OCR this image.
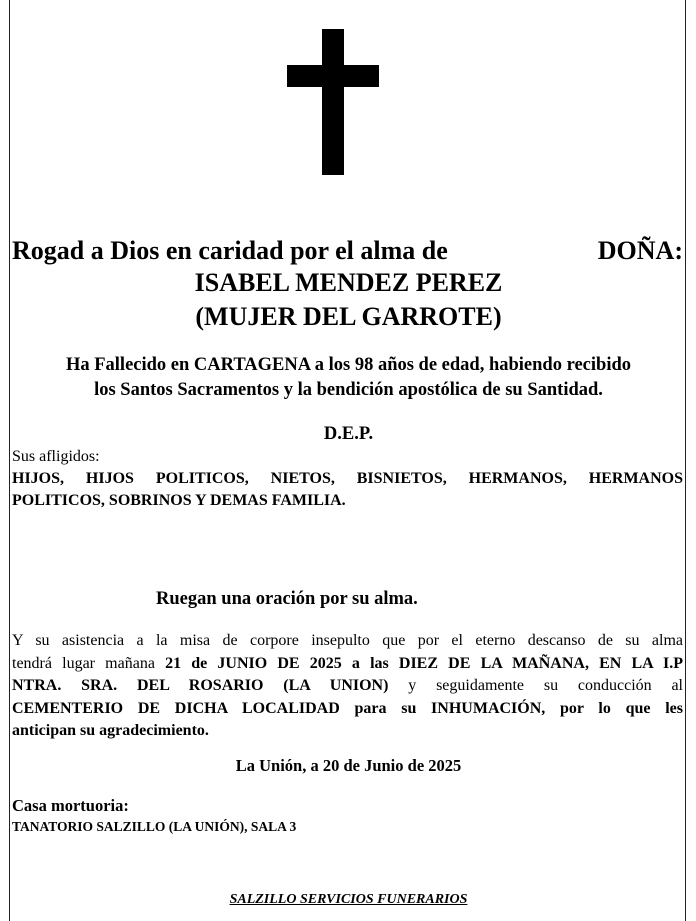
Rogad a Dios en caridad por el alma de	DOÑA:
ISABEL MENDEZ PEREZ
(MUJER DEL GARROTE)
Ha Fallecido en CARTAGENA a los 98 años de edad, habiendo recibido
los Santos Sacramentos y la bendición apostólica de su Santidad.
D.E.P.
Sus afligidos:
HIJOS, HIJOS POLITICOS, NIETOS, BISNIETOS, HERMANOS, HERMANOS
POLITICOS, SOBRINOS Y DEMAS FAMILIA.
Ruegan una oración por su alma.
Y su asistencia a la misa de corpore insepulto que por el eterno descanso de su alma
tendrá lugar mañana 21 de JUNIO DE 2025 a las DIEZ DE LA MAÑANA, EN LA I.P
NTRA. SRA. DEL ROSARIO (LA UNION) y seguidamente su conducción al
CEMENTERIO DE DICHA LOCALIDAD para su INHUMACIÓN, por lo que les
anticipan su agradecimiento.
La Unión, a 20 de Junio de 2025
Casa mortuoria:
TANATORIO SALZILLO (LA UNIÓN), SALA 3
SALZILLO SERVICIOS FUNERARIOS
